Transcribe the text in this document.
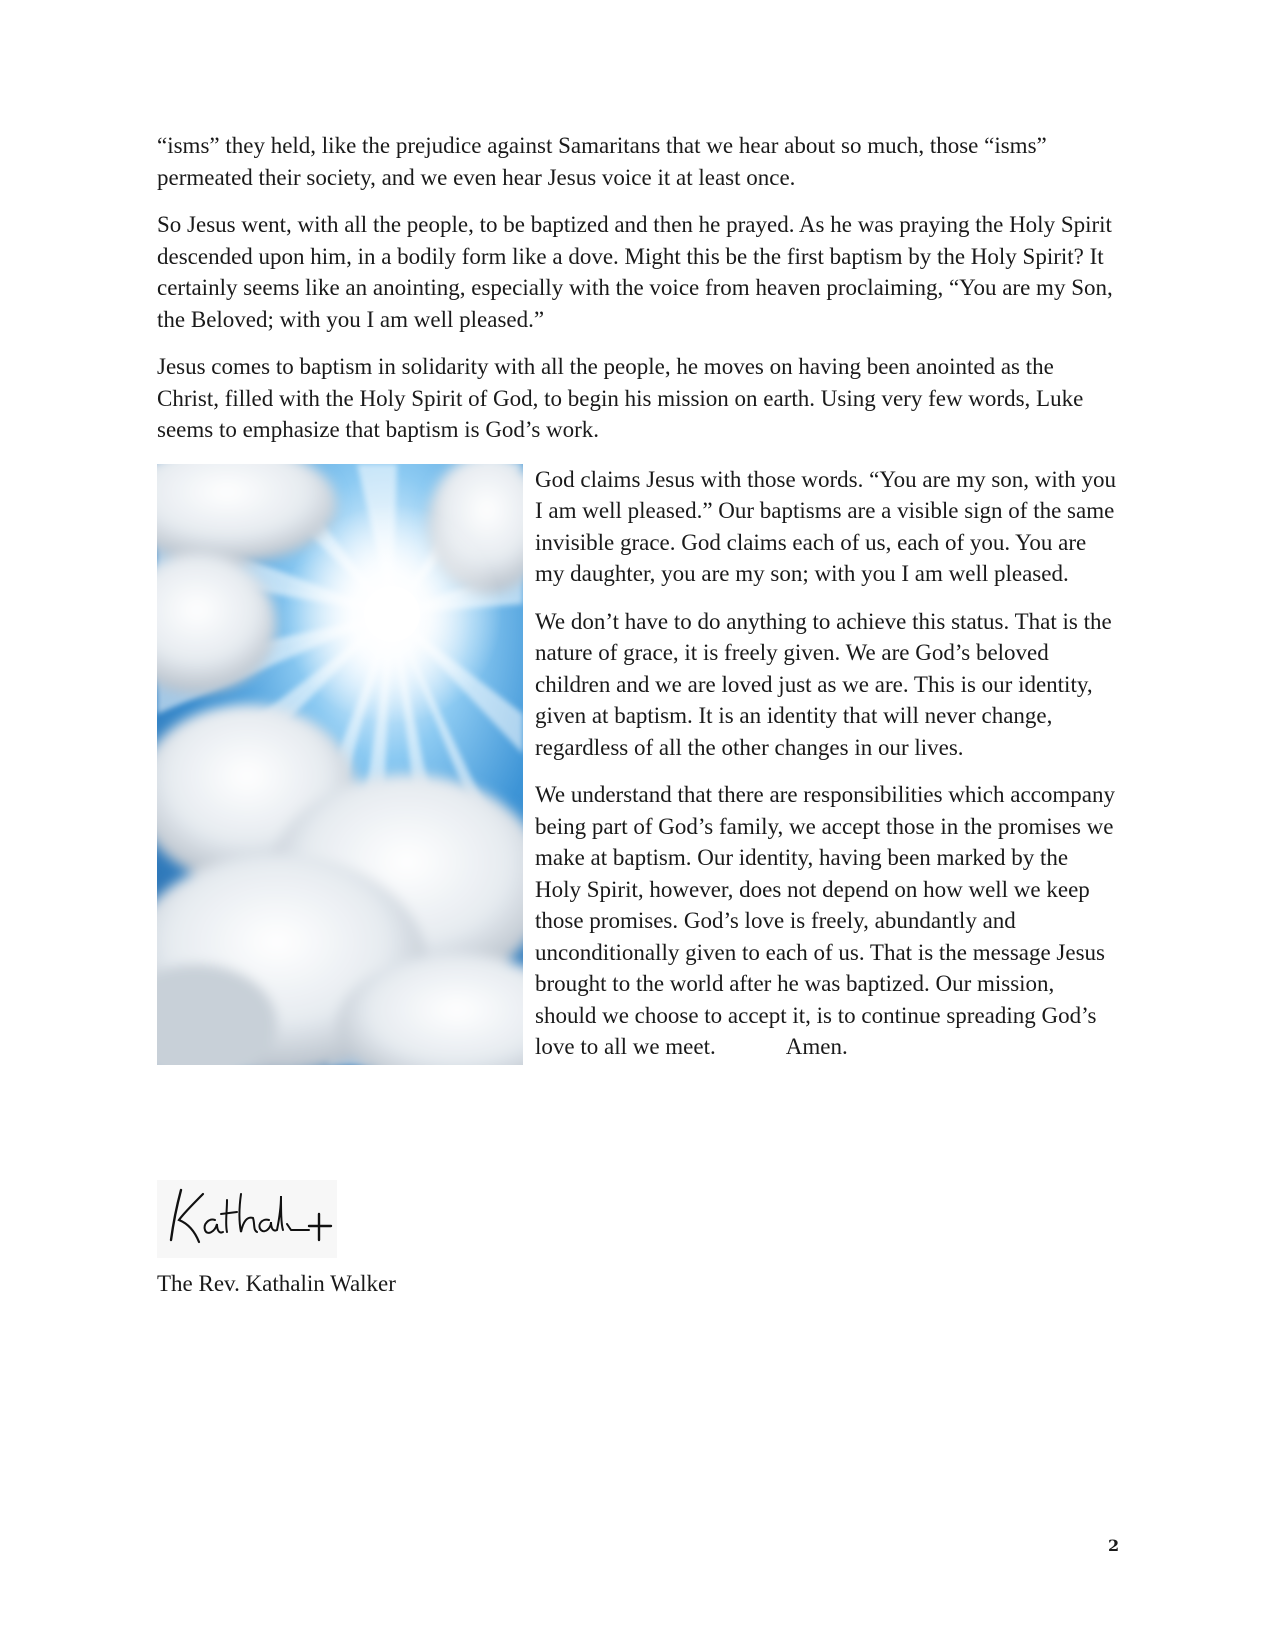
“isms” they held, like the prejudice against Samaritans that we hear about so much, those “isms” permeated their society, and we even hear Jesus voice it at least once.

So Jesus went, with all the people, to be baptized and then he prayed. As he was praying the Holy Spirit descended upon him, in a bodily form like a dove. Might this be the first baptism by the Holy Spirit? It certainly seems like an anointing, especially with the voice from heaven proclaiming, “You are my Son, the Beloved; with you I am well pleased.”

Jesus comes to baptism in solidarity with all the people, he moves on having been anointed as the Christ, filled with the Holy Spirit of God, to begin his mission on earth. Using very few words, Luke seems to emphasize that baptism is God’s work.

God claims Jesus with those words. “You are my son, with you I am well pleased.” Our baptisms are a visible sign of the same invisible grace. God claims each of us, each of you. You are my daughter, you are my son; with you I am well pleased.

We don’t have to do anything to achieve this status. That is the nature of grace, it is freely given. We are God’s beloved children and we are loved just as we are. This is our identity, given at baptism. It is an identity that will never change, regardless of all the other changes in our lives.

We understand that there are responsibilities which accompany being part of God’s family, we accept those in the promises we make at baptism. Our identity, having been marked by the Holy Spirit, however, does not depend on how well we keep those promises. God’s love is freely, abundantly and unconditionally given to each of us. That is the message Jesus brought to the world after he was baptized. Our mission, should we choose to accept it, is to continue spreading God’s love to all we meet.	Amen.

The Rev. Kathalin Walker
2
